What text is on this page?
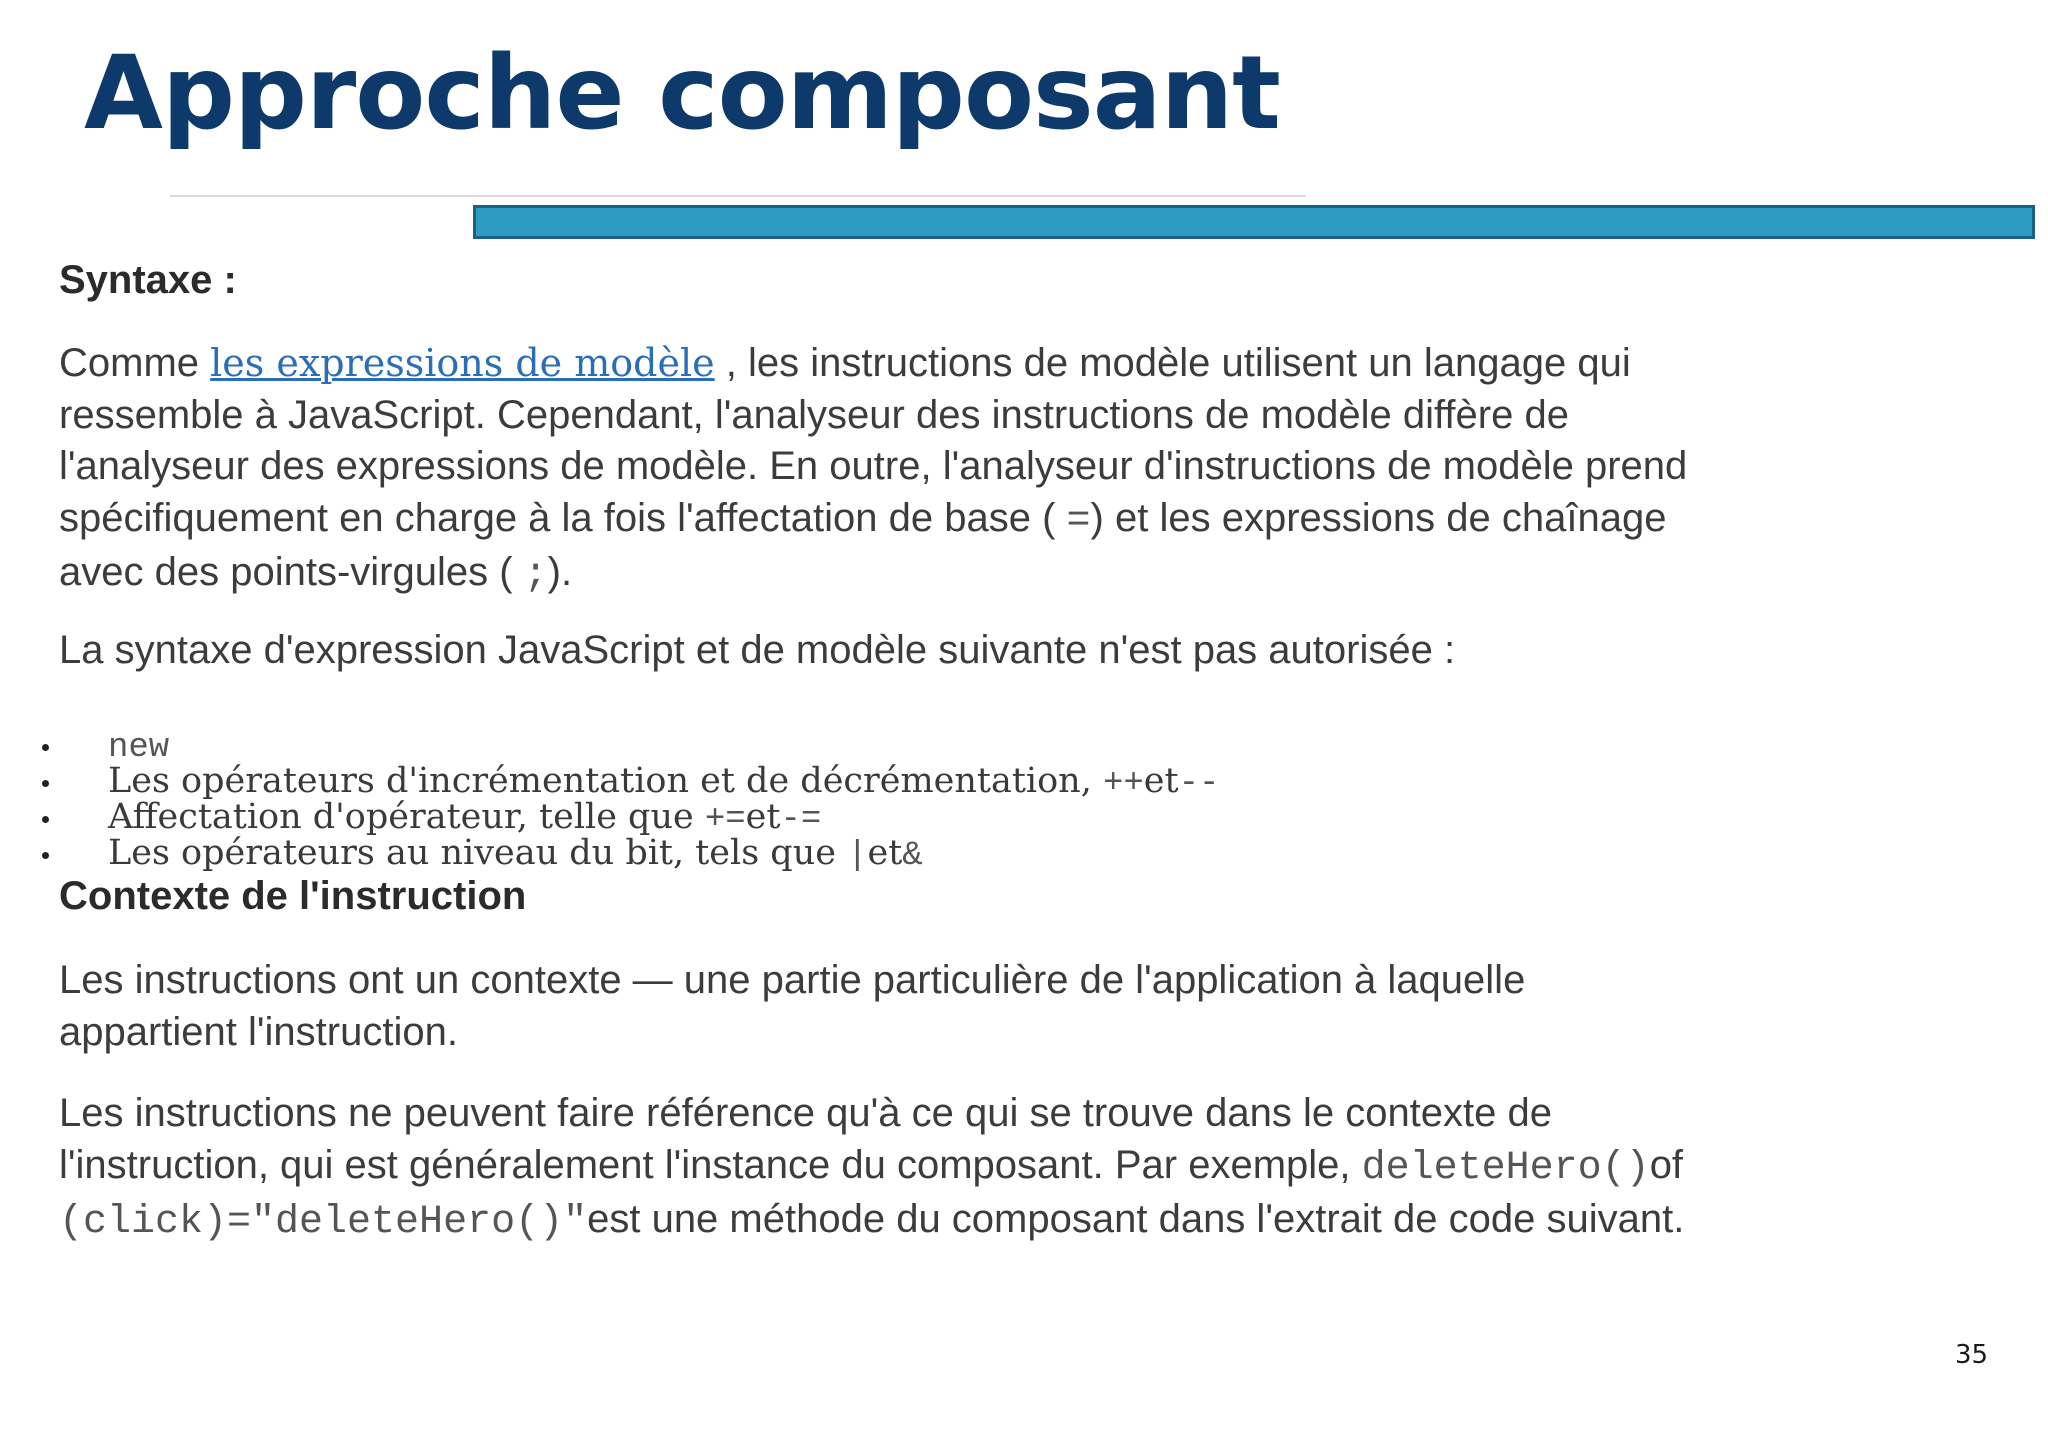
Approche composant
Syntaxe :

Comme les expressions de modèle , les instructions de modèle utilisent un langage qui ressemble à JavaScript. Cependant, l'analyseur des instructions de modèle diffère de l'analyseur des expressions de modèle. En outre, l'analyseur d'instructions de modèle prend spécifiquement en charge à la fois l'affectation de base ( =) et les expressions de chaînage avec des points-virgules ( ;).

La syntaxe d'expression JavaScript et de modèle suivante n'est pas autorisée :

new
Les opérateurs d'incrémentation et de décrémentation, ++et--
Affectation d'opérateur, telle que +=et-=
Les opérateurs au niveau du bit, tels que |et&
Contexte de l'instruction

Les instructions ont un contexte — une partie particulière de l'application à laquelle appartient l'instruction.

Les instructions ne peuvent faire référence qu'à ce qui se trouve dans le contexte de l'instruction, qui est généralement l'instance du composant. Par exemple, deleteHero()of (click)="deleteHero()"est une méthode du composant dans l'extrait de code suivant.

35
